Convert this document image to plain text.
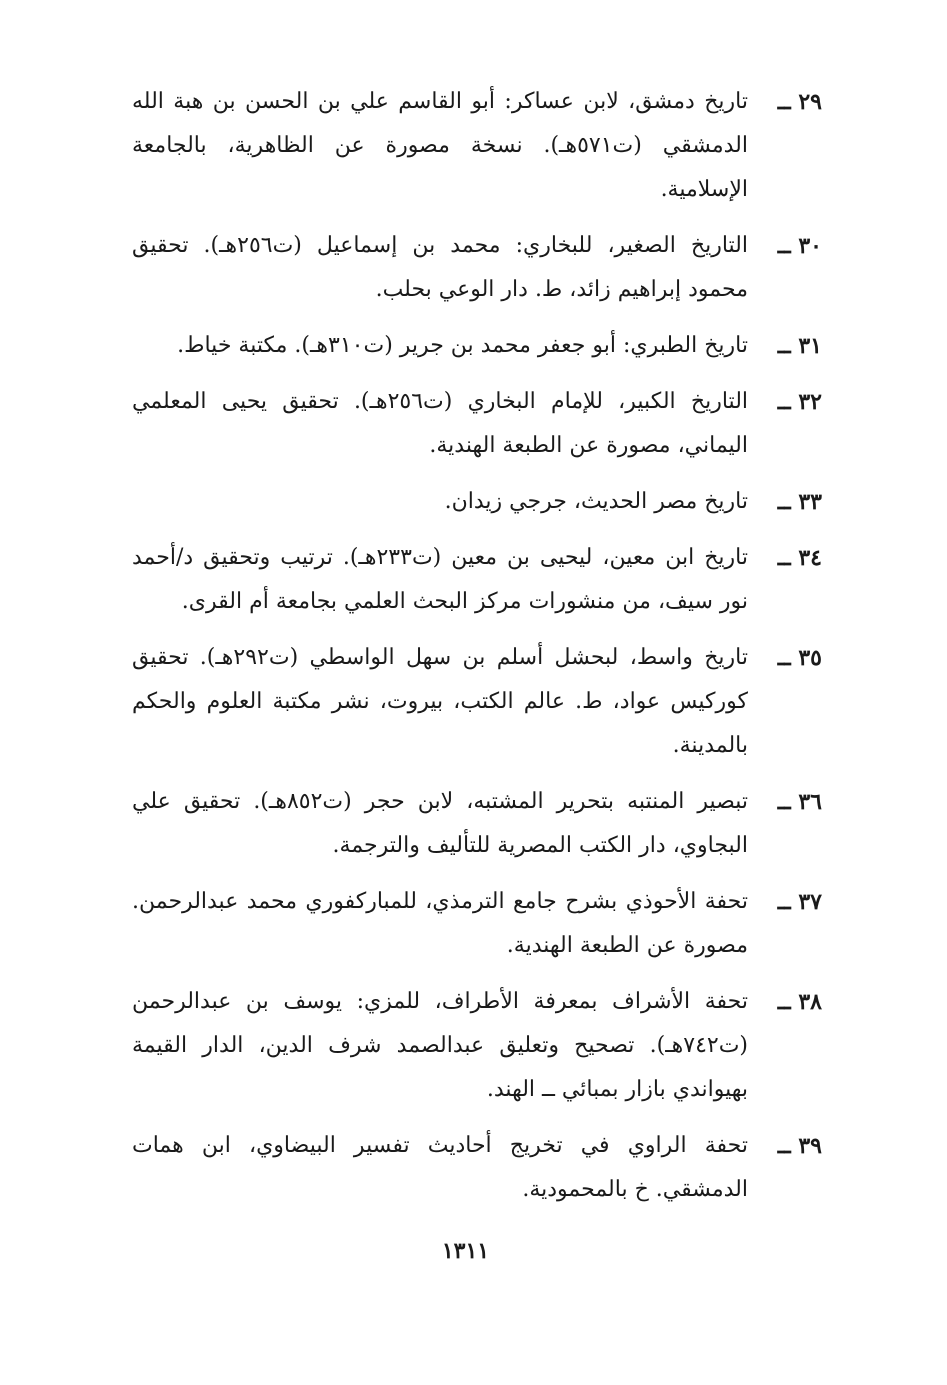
٢٩ ــ
تاريخ دمشق، لابن عساكر: أبو القاسم علي بن الحسن بن هبة الله الدمشقي (ت٥٧١هـ). نسخة مصورة عن الظاهرية، بالجامعة الإسلامية.
٣٠ ــ
التاريخ الصغير، للبخاري: محمد بن إسماعيل (ت٢٥٦هـ). تحقيق محمود إبراهيم زائد، ط. دار الوعي بحلب.
٣١ ــ
تاريخ الطبري: أبو جعفر محمد بن جرير (ت٣١٠هـ). مكتبة خياط.
٣٢ ــ
التاريخ الكبير، للإمام البخاري (ت٢٥٦هـ). تحقيق يحيى المعلمي اليماني، مصورة عن الطبعة الهندية.
٣٣ ــ
تاريخ مصر الحديث، جرجي زيدان.
٣٤ ــ
تاريخ ابن معين، ليحيى بن معين (ت٢٣٣هـ). ترتيب وتحقيق د/أحمد نور سيف، من منشورات مركز البحث العلمي بجامعة أم القرى.
٣٥ ــ
تاريخ واسط، لبحشل أسلم بن سهل الواسطي (ت٢٩٢هـ). تحقيق كوركيس عواد، ط. عالم الكتب، بيروت، نشر مكتبة العلوم والحكم بالمدينة.
٣٦ ــ
تبصير المنتبه بتحرير المشتبه، لابن حجر (ت٨٥٢هـ). تحقيق علي البجاوي، دار الكتب المصرية للتأليف والترجمة.
٣٧ ــ
تحفة الأحوذي بشرح جامع الترمذي، للمباركفوري محمد عبدالرحمن. مصورة عن الطبعة الهندية.
٣٨ ــ
تحفة الأشراف بمعرفة الأطراف، للمزي: يوسف بن عبدالرحمن (ت٧٤٢هـ). تصحيح وتعليق عبدالصمد شرف الدين، الدار القيمة بهيواندي بازار بمبائي ــ الهند.
٣٩ ــ
تحفة الراوي في تخريج أحاديث تفسير البيضاوي، ابن همات الدمشقي. خ بالمحمودية.
١٣١١
